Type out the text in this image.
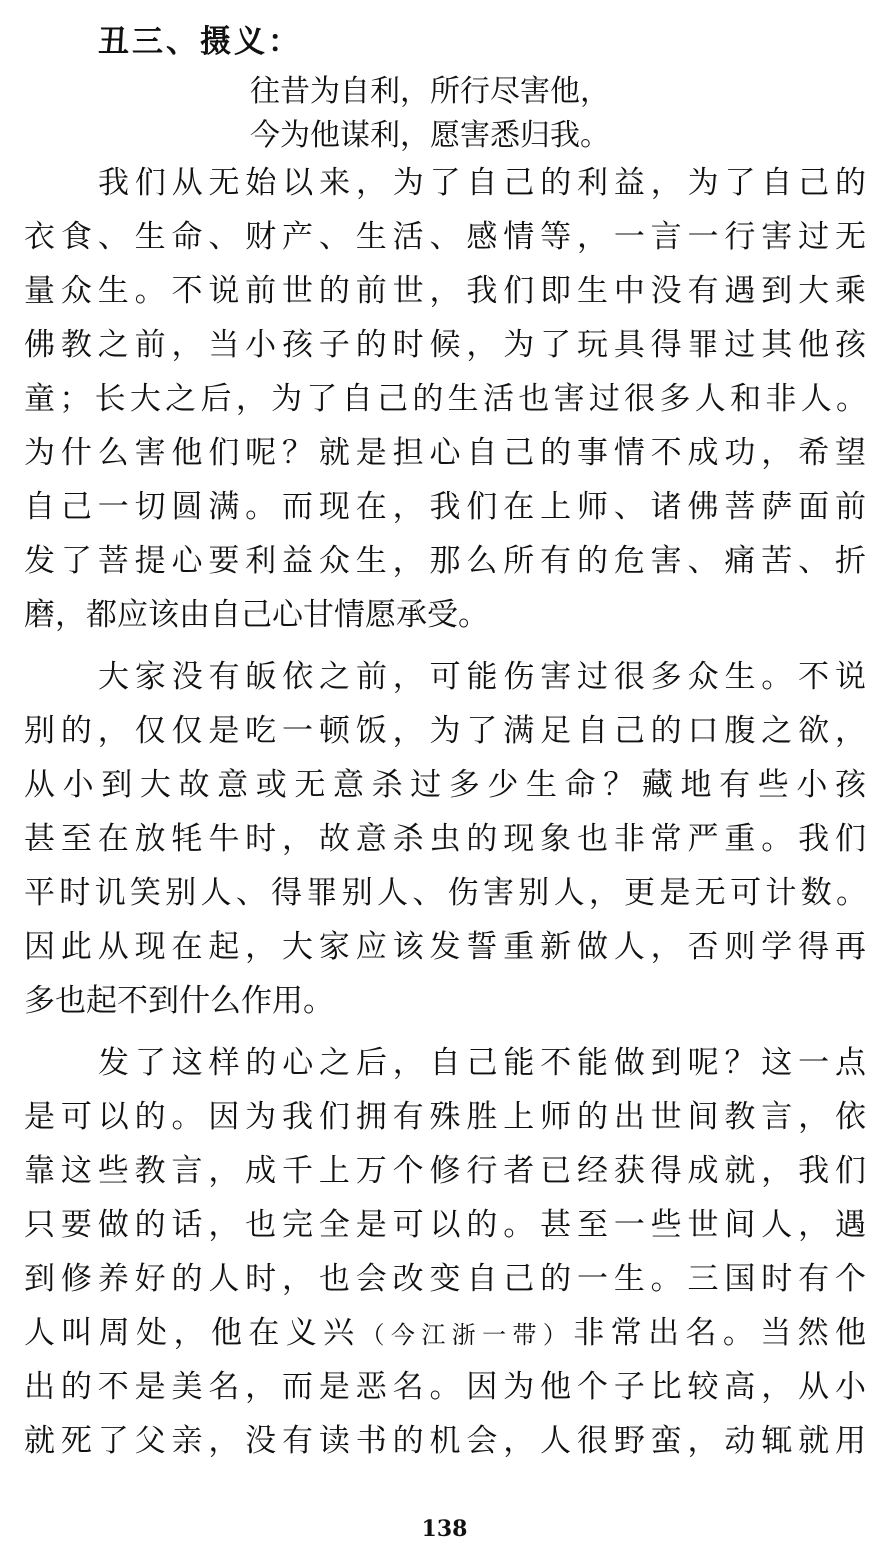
丑三、摄义：
往昔为自利，所行尽害他，
今为他谋利，愿害悉归我。
我们从无始以来，为了自己的利益，为了自己的
衣食、生命、财产、生活、感情等，一言一行害过无
量众生。不说前世的前世，我们即生中没有遇到大乘
佛教之前，当小孩子的时候，为了玩具得罪过其他孩
童；长大之后，为了自己的生活也害过很多人和非人。
为什么害他们呢？就是担心自己的事情不成功，希望
自己一切圆满。而现在，我们在上师、诸佛菩萨面前
发了菩提心要利益众生，那么所有的危害、痛苦、折
磨，都应该由自己心甘情愿承受。
大家没有皈依之前，可能伤害过很多众生。不说
别的，仅仅是吃一顿饭，为了满足自己的口腹之欲，
从小到大故意或无意杀过多少生命？藏地有些小孩
甚至在放牦牛时，故意杀虫的现象也非常严重。我们
平时讥笑别人、得罪别人、伤害别人，更是无可计数。
因此从现在起，大家应该发誓重新做人，否则学得再
多也起不到什么作用。
发了这样的心之后，自己能不能做到呢？这一点
是可以的。因为我们拥有殊胜上师的出世间教言，依
靠这些教言，成千上万个修行者已经获得成就，我们
只要做的话，也完全是可以的。甚至一些世间人，遇
到修养好的人时，也会改变自己的一生。三国时有个
人叫周处，他在义兴（今江浙一带）非常出名。当然他
出的不是美名，而是恶名。因为他个子比较高，从小
就死了父亲，没有读书的机会，人很野蛮，动辄就用
138
